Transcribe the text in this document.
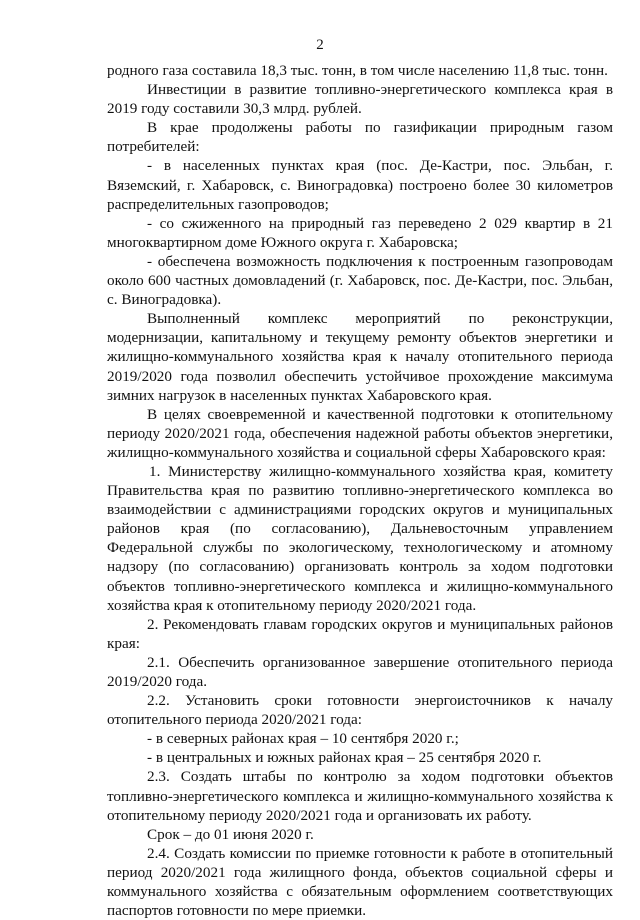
2

родного газа составила 18,3 тыс. тонн, в том числе населению 11,8 тыс. тонн.

Инвестиции в развитие топливно-энергетического комплекса края в 2019 году составили 30,3 млрд. рублей.

В крае продолжены работы по газификации природным газом потребителей:

- в населенных пунктах края (пос. Де-Кастри, пос. Эльбан, г. Вяземский, г. Хабаровск, с. Виноградовка) построено более 30 километров распределительных газопроводов;

- со сжиженного на природный газ переведено 2 029 квартир в 21 многоквартирном доме Южного округа г. Хабаровска;

- обеспечена возможность подключения к построенным газопроводам около 600 частных домовладений (г. Хабаровск, пос. Де-Кастри, пос. Эльбан, с. Виноградовка).

Выполненный комплекс мероприятий по реконструкции, модернизации, капитальному и текущему ремонту объектов энергетики и жилищно-коммунального хозяйства края к началу отопительного периода 2019/2020 года позволил обеспечить устойчивое прохождение максимума зимних нагрузок в населенных пунктах Хабаровского края.

В целях своевременной и качественной подготовки к отопительному периоду 2020/2021 года, обеспечения надежной работы объектов энергетики, жилищно-коммунального хозяйства и социальной сферы Хабаровского края:

1. Министерству жилищно-коммунального хозяйства края, комитету Правительства края по развитию топливно-энергетического комплекса во взаимодействии с администрациями городских округов и муниципальных районов края (по согласованию), Дальневосточным управлением Федеральной службы по экологическому, технологическому и атомному надзору (по согласованию) организовать контроль за ходом подготовки объектов топливно-энергетического комплекса и жилищно-коммунального хозяйства края к отопительному периоду 2020/2021 года.

2. Рекомендовать главам городских округов и муниципальных районов края:

2.1. Обеспечить организованное завершение отопительного периода 2019/2020 года.

2.2. Установить сроки готовности энергоисточников к началу отопительного периода 2020/2021 года:

- в северных районах края – 10 сентября 2020 г.;

- в центральных и южных районах края – 25 сентября 2020 г.

2.3. Создать штабы по контролю за ходом подготовки объектов топливно-энергетического комплекса и жилищно-коммунального хозяйства к отопительному периоду 2020/2021 года и организовать их работу.

Срок – до 01 июня 2020 г.

2.4. Создать комиссии по приемке готовности к работе в отопительный период 2020/2021 года жилищного фонда, объектов социальной сферы и коммунального хозяйства с обязательным оформлением соответствующих паспортов готовности по мере приемки.
